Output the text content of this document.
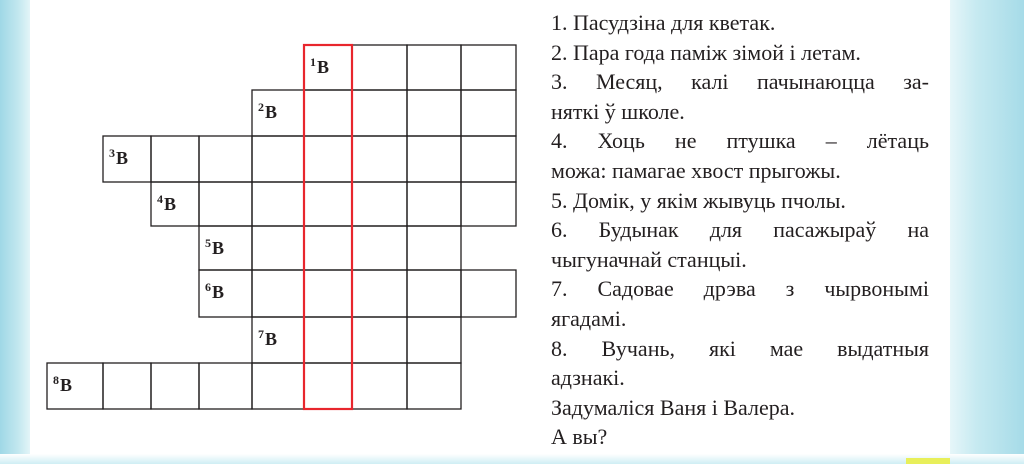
$^1$В
$^2$В
$^3$В
$^4$В
$^5$В
$^6$В
$^7$В
$^8$В
1. Пасудзіна для кветак.
2. Пара года паміж зімой і летам.
3. Месяц, калі пачынаюцца за-
няткі ў школе.
4. Хоць не птушка – лётаць
можа: памагае хвост прыгожы.
5. Домік, у якім жывуць пчолы.
6. Будынак для пасажыраў на
чыгуначнай станцыі.
7. Садовае дрэва з чырвонымі
ягадамі.
8. Вучань, які мае выдатныя
адзнакі.
Задумаліся Ваня і Валера.
А вы?
